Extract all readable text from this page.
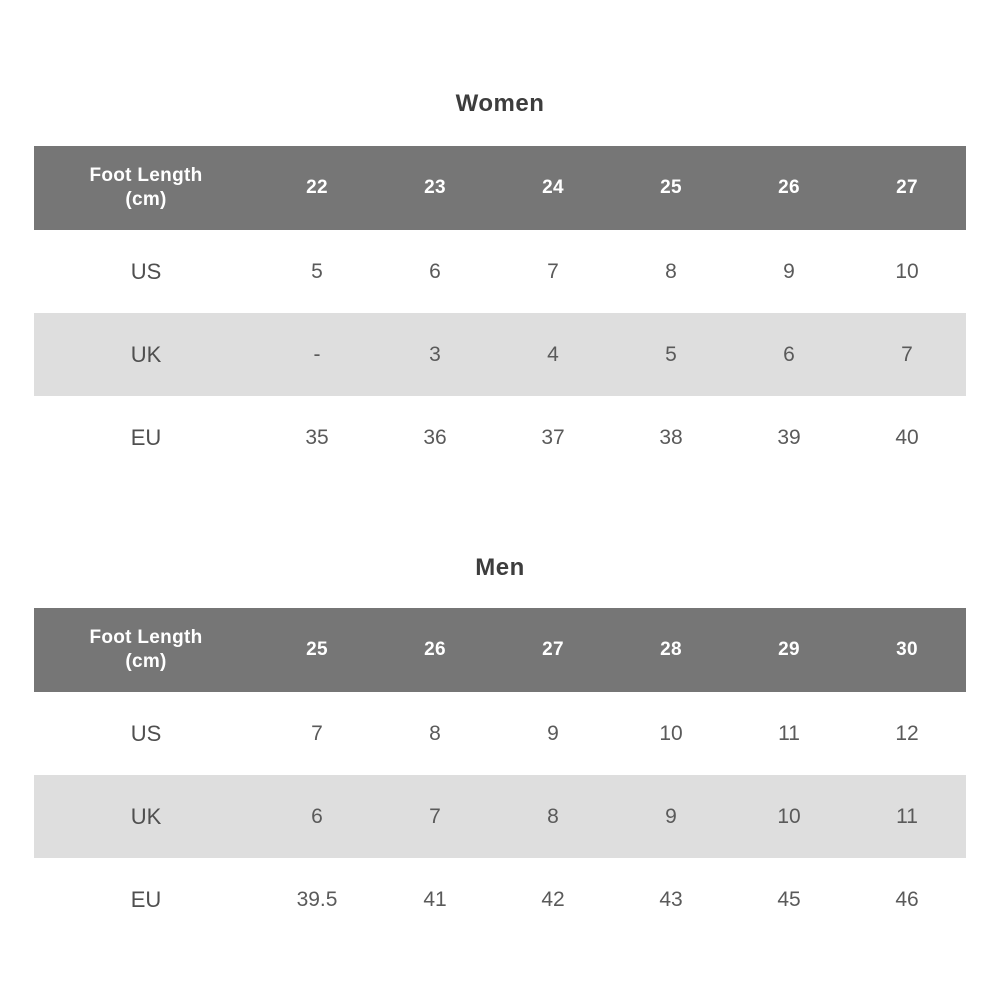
Women
Foot Length
(cm)	22	23	24	25	26	27
US	5	6	7	8	9	10
UK	-	3	4	5	6	7
EU	35	36	37	38	39	40
Men
Foot Length
(cm)	25	26	27	28	29	30
US	7	8	9	10	11	12
UK	6	7	8	9	10	11
EU	39.5	41	42	43	45	46
